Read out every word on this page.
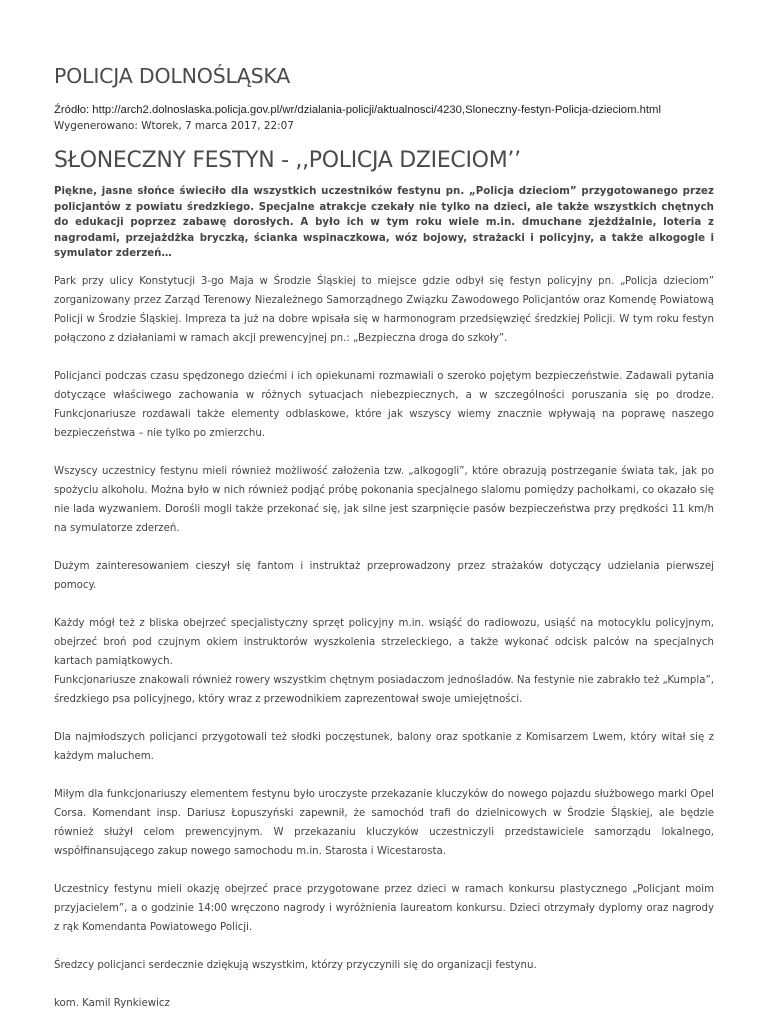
POLICJA DOLNOŚLĄSKA
Źródło: http://arch2.dolnoslaska.policja.gov.pl/wr/dzialania-policji/aktualnosci/4230,Sloneczny-festyn-Policja-dzieciom.html
Wygenerowano: Wtorek, 7 marca 2017, 22:07
SŁONECZNY FESTYN - ,,POLICJA DZIECIOM’’

Piękne, jasne słońce świeciło dla wszystkich uczestników festynu pn. „Policja dzieciom” przygotowanego przez policjantów z powiatu średzkiego. Specjalne atrakcje czekały nie tylko na dzieci, ale także wszystkich chętnych do edukacji poprzez zabawę dorosłych. A było ich w tym roku wiele m.in. dmuchane zjeżdżalnie, loteria z nagrodami, przejażdżka bryczką, ścianka wspinaczkowa, wóz bojowy, strażacki i policyjny, a także alkogogle i symulator zderzeń…

Park przy ulicy Konstytucji 3-go Maja w Środzie Śląskiej to miejsce gdzie odbył się festyn policyjny pn. „Policja dzieciom” zorganizowany przez Zarząd Terenowy Niezależnego Samorządnego Związku Zawodowego Policjantów oraz Komendę Powiatową Policji w Środzie Śląskiej. Impreza ta już na dobre wpisała się w harmonogram przedsięwzięć średzkiej Policji. W tym roku festyn połączono z działaniami w ramach akcji prewencyjnej pn.: „Bezpieczna droga do szkoły”.

Policjanci podczas czasu spędzonego dziećmi i ich opiekunami rozmawiali o szeroko pojętym bezpieczeństwie. Zadawali pytania dotyczące właściwego zachowania w różnych sytuacjach niebezpiecznych, a w szczególności poruszania się po drodze. Funkcjonariusze rozdawali także elementy odblaskowe, które jak wszyscy wiemy znacznie wpływają na poprawę naszego bezpieczeństwa – nie tylko po zmierzchu.

Wszyscy uczestnicy festynu mieli również możliwość założenia tzw. „alkogogli”, które obrazują postrzeganie świata tak, jak po spożyciu alkoholu. Można było w nich również podjąć próbę pokonania specjalnego slalomu pomiędzy pachołkami, co okazało się nie lada wyzwaniem. Dorośli mogli także przekonać się, jak silne jest szarpnięcie pasów bezpieczeństwa przy prędkości 11 km/h na symulatorze zderzeń.

Dużym zainteresowaniem cieszył się fantom i instruktaż przeprowadzony przez strażaków dotyczący udzielania pierwszej pomocy.

Każdy mógł też z bliska obejrzeć specjalistyczny sprzęt policyjny m.in. wsiąść do radiowozu, usiąść na motocyklu policyjnym, obejrzeć broń pod czujnym okiem instruktorów wyszkolenia strzeleckiego, a także wykonać odcisk palców na specjalnych kartach pamiątkowych.

Funkcjonariusze znakowali również rowery wszystkim chętnym posiadaczom jednośladów. Na festynie nie zabrakło też „Kumpla”, średzkiego psa policyjnego, który wraz z przewodnikiem zaprezentował swoje umiejętności.

Dla najmłodszych policjanci przygotowali też słodki poczęstunek, balony oraz spotkanie z Komisarzem Lwem, który witał się z każdym maluchem.

Miłym dla funkcjonariuszy elementem festynu było uroczyste przekazanie kluczyków do nowego pojazdu służbowego marki Opel Corsa. Komendant insp. Dariusz Łopuszyński zapewnił, że samochód trafi do dzielnicowych w Środzie Śląskiej, ale będzie również służył celom prewencyjnym. W przekazaniu kluczyków uczestniczyli przedstawiciele samorządu lokalnego, współfinansującego zakup nowego samochodu m.in. Starosta i Wicestarosta.

Uczestnicy festynu mieli okazję obejrzeć prace przygotowane przez dzieci w ramach konkursu plastycznego „Policjant moim przyjacielem”, a o godzinie 14:00 wręczono nagrody i wyróżnienia laureatom konkursu. Dzieci otrzymały dyplomy oraz nagrody z rąk Komendanta Powiatowego Policji.

Średzcy policjanci serdecznie dziękują wszystkim, którzy przyczynili się do organizacji festynu.

kom. Kamil Rynkiewicz
